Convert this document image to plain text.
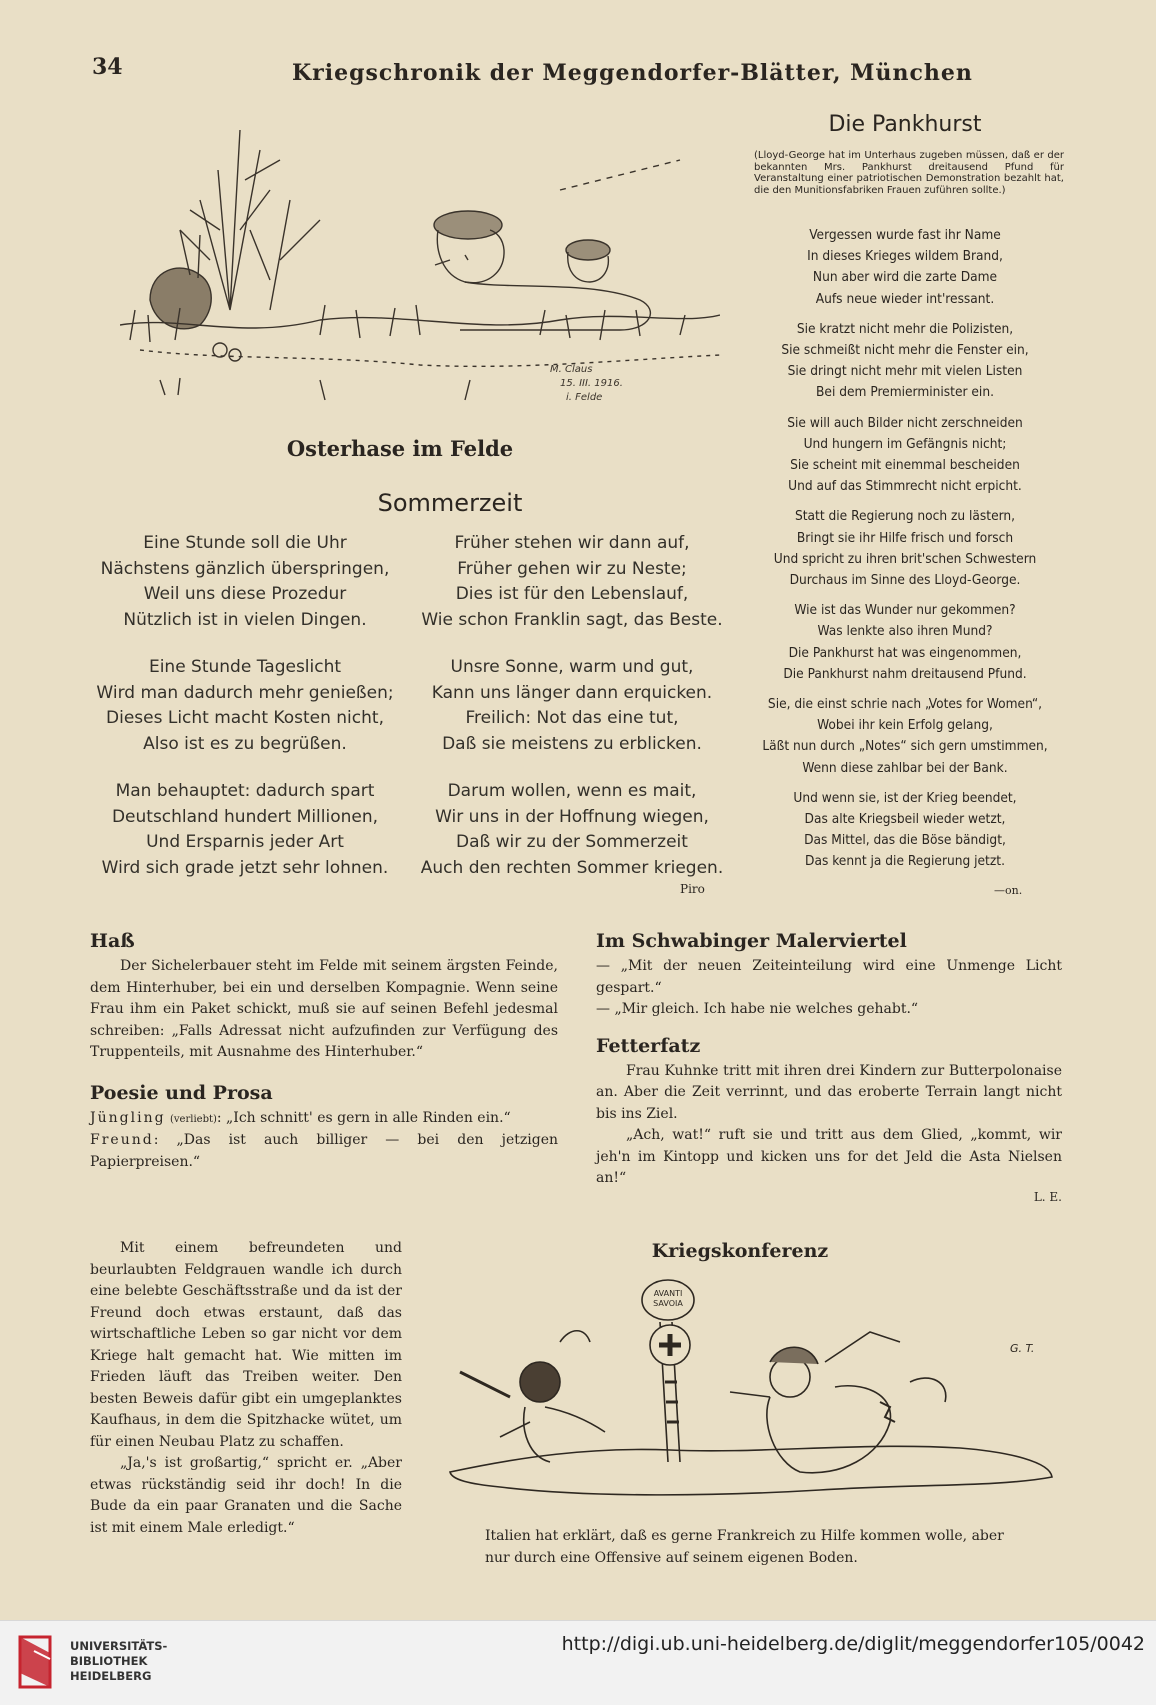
34	Kriegschronik der Meggendorfer-Blätter, München
M. Claus
15. III. 1916.
i. Felde
Osterhase im Felde
Sommerzeit
Eine Stunde soll die Uhr
Nächstens gänzlich überspringen,
Weil uns diese Prozedur
Nützlich ist in vielen Dingen.
Eine Stunde Tageslicht
Wird man dadurch mehr genießen;
Dieses Licht macht Kosten nicht,
Also ist es zu begrüßen.
Man behauptet: dadurch spart
Deutschland hundert Millionen,
Und Ersparnis jeder Art
Wird sich grade jetzt sehr lohnen.
Früher stehen wir dann auf,
Früher gehen wir zu Neste;
Dies ist für den Lebenslauf,
Wie schon Franklin sagt, das Beste.
Unsre Sonne, warm und gut,
Kann uns länger dann erquicken.
Freilich: Not das eine tut,
Daß sie meistens zu erblicken.
Darum wollen, wenn es mait,
Wir uns in der Hoffnung wiegen,
Daß wir zu der Sommerzeit
Auch den rechten Sommer kriegen.
Piro
Die Pankhurst
(Lloyd-George hat im Unterhaus zugeben müssen, daß er der bekannten Mrs. Pankhurst dreitausend Pfund für Veranstaltung einer patriotischen Demonstration bezahlt hat, die den Munitionsfabriken Frauen zuführen sollte.)
Vergessen wurde fast ihr Name
In dieses Krieges wildem Brand,
Nun aber wird die zarte Dame
Aufs neue wieder int'ressant.
Sie kratzt nicht mehr die Polizisten,
Sie schmeißt nicht mehr die Fenster ein,
Sie dringt nicht mehr mit vielen Listen
Bei dem Premierminister ein.
Sie will auch Bilder nicht zerschneiden
Und hungern im Gefängnis nicht;
Sie scheint mit einemmal bescheiden
Und auf das Stimmrecht nicht erpicht.
Statt die Regierung noch zu lästern,
Bringt sie ihr Hilfe frisch und forsch
Und spricht zu ihren brit'schen Schwestern
Durchaus im Sinne des Lloyd-George.
Wie ist das Wunder nur gekommen?
Was lenkte also ihren Mund?
Die Pankhurst hat was eingenommen,
Die Pankhurst nahm dreitausend Pfund.
Sie, die einst schrie nach „Votes for Women“,
Wobei ihr kein Erfolg gelang,
Läßt nun durch „Notes“ sich gern umstimmen,
Wenn diese zahlbar bei der Bank.
Und wenn sie, ist der Krieg beendet,
Das alte Kriegsbeil wieder wetzt,
Das Mittel, das die Böse bändigt,
Das kennt ja die Regierung jetzt.
—on.
Haß
Der Sichelerbauer steht im Felde mit seinem ärgsten Feinde, dem Hinterhuber, bei ein und derselben Kompagnie. Wenn seine Frau ihm ein Paket schickt, muß sie auf seinen Befehl jedesmal schreiben: „Falls Adressat nicht aufzufinden zur Verfügung des Truppenteils, mit Ausnahme des Hinterhuber.“
Poesie und Prosa
Jüngling (verliebt): „Ich schnitt' es gern in alle Rinden ein.“
Freund: „Das ist auch billiger — bei den jetzigen Papierpreisen.“
Im Schwabinger Malerviertel
— „Mit der neuen Zeiteinteilung wird eine Unmenge Licht gespart.“
— „Mir gleich. Ich habe nie welches gehabt.“
Fetterfatz
Frau Kuhnke tritt mit ihren drei Kindern zur Butterpolonaise an. Aber die Zeit verrinnt, und das eroberte Terrain langt nicht bis ins Ziel.
„Ach, wat!“ ruft sie und tritt aus dem Glied, „kommt, wir jeh'n im Kintopp und kicken uns for det Jeld die Asta Nielsen an!“
L. E.
Mit einem befreundeten und beurlaubten Feldgrauen wandle ich durch eine belebte Geschäftsstraße und da ist der Freund doch etwas erstaunt, daß das wirtschaftliche Leben so gar nicht vor dem Kriege halt gemacht hat. Wie mitten im Frieden läuft das Treiben weiter. Den besten Beweis dafür gibt ein umgeplanktes Kaufhaus, in dem die Spitzhacke wütet, um für einen Neubau Platz zu schaffen.
„Ja,'s ist großartig,“ spricht er. „Aber etwas rückständig seid ihr doch! In die Bude da ein paar Granaten und die Sache ist mit einem Male erledigt.“
Kriegskonferenz
AVANTI
SAVOIA
G. T.
Italien hat erklärt, daß es gerne Frankreich zu Hilfe kommen wolle, aber nur durch eine Offensive auf seinem eigenen Boden.
UNIVERSITÄTS-
BIBLIOTHEK
HEIDELBERG
http://digi.ub.uni-heidelberg.de/diglit/meggendorfer105/0042
